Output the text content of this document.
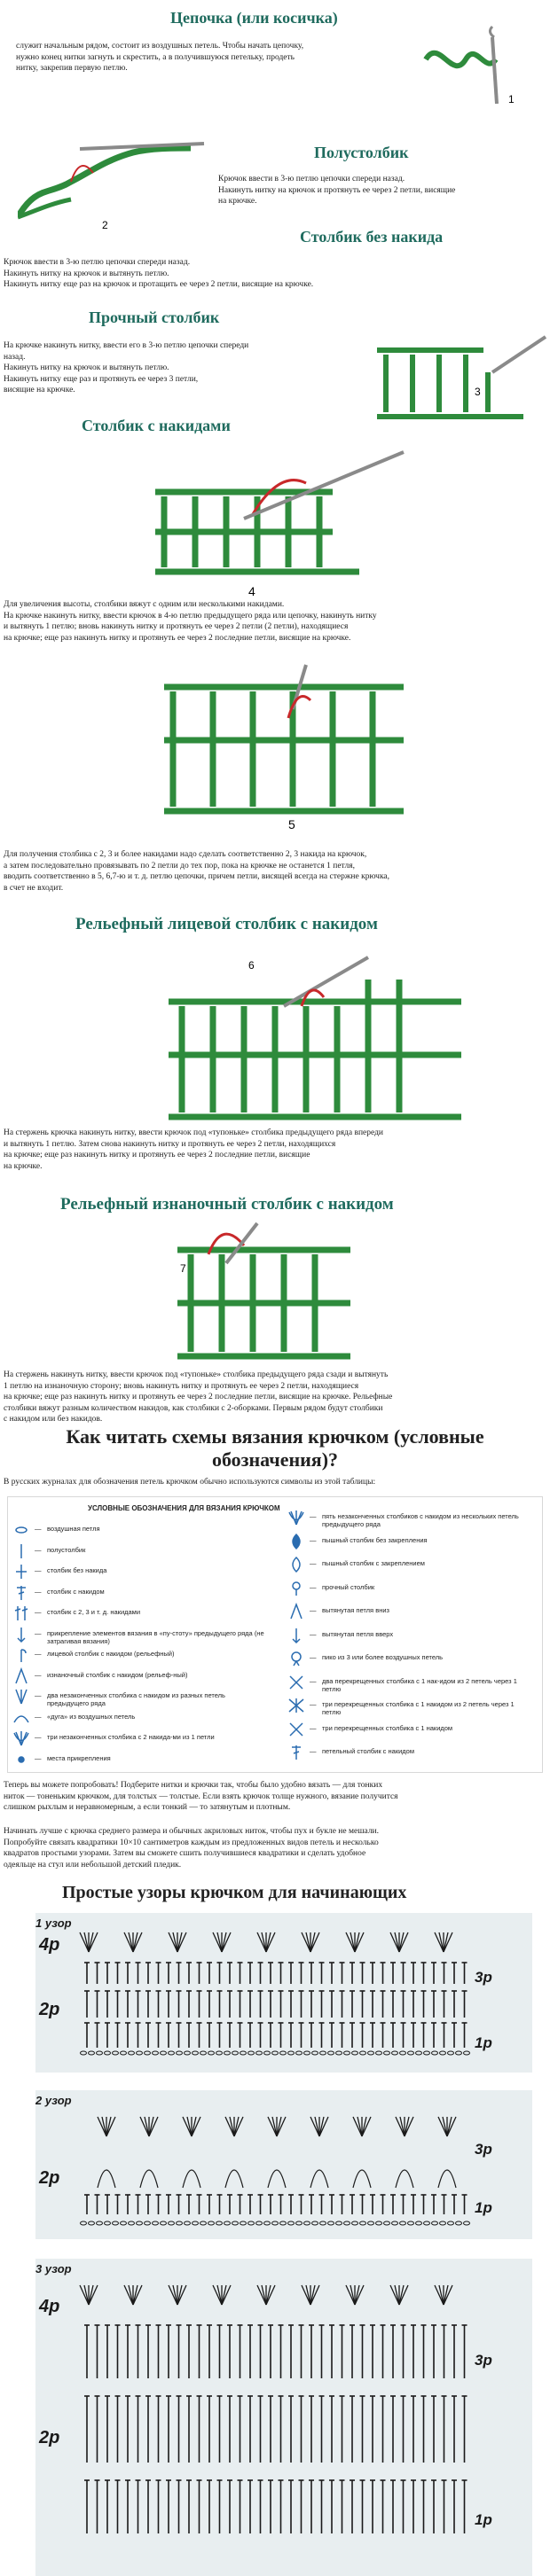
Цепочка (или косичка)
служит начальным рядом, состоит из воздушных петель. Чтобы начать цепочку,
нужно конец нитки загнуть и скрестить, а в получившуюся петельку, продеть
нитку, закрепив первую петлю.
1
2
Полустолбик
Крючок ввести в 3-ю петлю цепочки спереди назад.
Накинуть нитку на крючок и протянуть ее через 2 петли, висящие
на крючке.
Столбик без накида
Крючок ввести в 3-ю петлю цепочки спереди назад.
Накинуть нитку на крючок и вытянуть петлю.
Накинуть нитку еще раз на крючок и протащить ее через 2 петли, висящие на крючке.
Прочный столбик
На крючке накинуть нитку, ввести его в 3-ю петлю цепочки спереди
назад.
Накинуть нитку на крючок и вытянуть петлю.
Накинуть нитку еще раз и протянуть ее через 3 петли,
висящие на крючке.	3
Столбик с накидами
4
Для увеличения высоты, столбики вяжут с одним или несколькими накидами.
На крючке накинуть нитку, ввести крючок в 4-ю петлю предыдущего ряда или цепочку, накинуть нитку
и вытянуть 1 петлю; вновь накинуть нитку и протянуть ее через 2 петли (2 петли), находящиеся
на крючке; еще раз накинуть нитку и протянуть ее через 2 последние петли, висящие на крючке.
5
Для получения столбика с 2, 3 и более накидами надо сделать соответственно 2, 3 накида на крючок,
а затем последовательно провязывать по 2 петли до тех пор, пока на крючке не останется 1 петля,
вводить соответственно в 5, 6,7-ю и т. д. петлю цепочки, причем петли, висящей всегда на стержне крючка,
в счет не входит.
Рельефный лицевой столбик с накидом
6
На стержень крючка накинуть нитку, ввести крючок под «тупоньке» столбика предыдущего ряда впереди
и вытянуть 1 петлю. Затем снова накинуть нитку и протянуть ее через 2 петли, находящихся
на крючке; еще раз накинуть нитку и протянуть ее через 2 последние петли, висящие
на крючке.
Рельефный изнаночный столбик с накидом
7
На стержень накинуть нитку, ввести крючок под «тупоньке» столбика предыдущего ряда сзади и вытянуть
1 петлю на изнаночную сторону; вновь накинуть нитку и протянуть ее через 2 петли, находящиеся
на крючке; еще раз накинуть нитку и протянуть ее через 2 последние петли, висящие на крючке. Рельефные
столбики вяжут разным количеством накидов, как столбики с 2-оборками. Первым рядом будут столбики
с накидом или без накидов.
Как читать схемы вязания крючком (условные
обозначения)?
В русских журналах для обозначения петель крючком обычно используются символы из этой таблицы:
УСЛОВНЫЕ ОБОЗНАЧЕНИЯ ДЛЯ ВЯЗАНИЯ КРЮЧКОМ
— воздушная петля
— полустолбик
— столбик без накида
— столбик с накидом
— столбик с 2, 3 и т. д. накидами
— прикрепление элементов вязания в «пу-стоту» предыдущего ряда (не затрагивая вязания)
— лицевой столбик с накидом (рельефный)
— изнаночный столбик с накидом (рельеф-ный)
— два незаконченных столбика с накидом из разных петель предыдущего ряда
— «дуга» из воздушных петель
— три незаконченных столбика с 2 накида-ми из 1 петли
— места прикрепления
— пять незаконченных столбиков с накидом из нескольких петель предыдущего ряда
— пышный столбик без закрепления
— пышный столбик с закреплением
— прочный столбик
— вытянутая петля вниз
— вытянутая петля вверх
— пико из 3 или более воздушных петель
— два перекрещенных столбика с 1 нак-идом из 2 петель через 1 петлю
— три перекрещенных столбика с 1 накидом из 2 петель через 1 петлю
— три перекрещенных столбика с 1 накидом
— петельный столбик с накидом
Теперь вы можете попробовать! Подберите нитки и крючки так, чтобы было удобно вязать — для тонких
ниток — тоненьким крючком, для толстых — толстые. Если взять крючок толще нужного, вязание получится
слишком рыхлым и неравномерным, а если тонкий — то затянутым и плотным.
Начинать лучше с крючка среднего размера и обычных акриловых ниток, чтобы пух и букле не мешали.
Попробуйте связать квадратики 10×10 сантиметров каждым из предложенных видов петель и несколько
квадратов простыми узорами. Затем вы сможете сшить получившиеся квадратики и сделать удобное
одеяльце на стул или небольшой детский пледик.
Простые узоры крючком для начинающих
1 узор
4р
3р
2р
1р
2 узор
3р
2р
1р
3 узор
4р
3р
2р
1р
